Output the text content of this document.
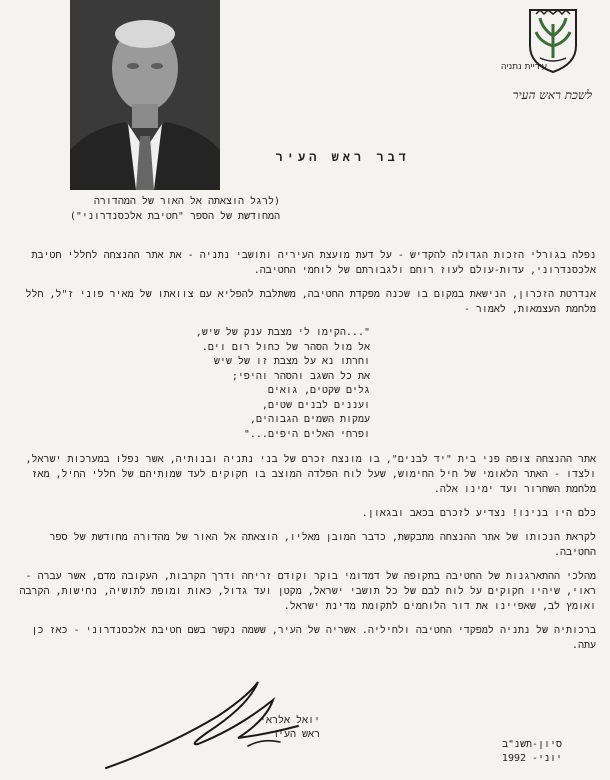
עיריית נתניה
לשכת ראש העיר
דבר ראש העיר
(לרגל הוצאתה אל האור של המהדורה
המחודשת של הספר "חטיבת אלכסנדרוני")

נפלה בגורלי הזכות הגדולה להקדיש - על דעת מועצת העיריה ותושבי נתניה - את אתר ההנצחה לחללי חטיבת אלכסנדרוני, עדות-עולם לעוז רוחם ולגבורתם של לוחמי החטיבה.

אנדרטת הזכרון, הנישאת במקום בו שכנה מפקדת החטיבה, משתלבת להפליא עם צוואתו של מאיר פוני ז"ל, חלל מלחמת העצמאות, לאמור -

"...הקימו לי מצבת ענק של שיש,
אל מול הסהר של כחול רום וים.
וחרתו נא על מצבת זו של שיש
את כל השגב והסהר והיפי;
גלים שקטים, גואים
ועננים לבנים שטים,
עמקות השמים הגבוהים,
ופרחי האלים היפים..."

אתר ההנצחה צופה פני בית "יד לבנים", בו מונצח זכרם של בני נתניה ובנותיה, אשר נפלו במערכות ישראל, ולצדו - האתר הלאומי של חיל החימוש, שעל לוח הפלדה המוצב בו חקוקים לעד שמותיהם של חללי החיל, מאז מלחמת השחרור ועד ימינו אלה.

כלם היו בנינו! נצדיע לזכרם בכאב ובגאון.

לקראת הנכותו של אתר ההנצחה מתבקשת, כדבר המובן מאליו, הוצאתה אל האור של מהדורה מחודשת של ספר החטיבה.

מהלכי ההתארגנות של החטיבה בתקופה של דמדומי בוקר וקודם זריחה ודרך הקרבות, העקובה מדם, אשר עברה - ראוי, שיהיו חקוקים על לוח לבם של כל תושבי ישראל, מקטן ועד גדול, כאות ומופת לתושיה, נחישות, הקרבה ואומץ לב, שאפיינו את דור הלוחמים לתקומת מדינת ישראל.

ברכותיה של נתניה למפקדי החטיבה ולחיליה. אשריה של העיר, ששמה נקשר בשם חטיבת אלכסנדרוני - כאז כן עתה.

יואל אלראי
ראש העיר
סיון-תשנ"ב
יוני- 1992
